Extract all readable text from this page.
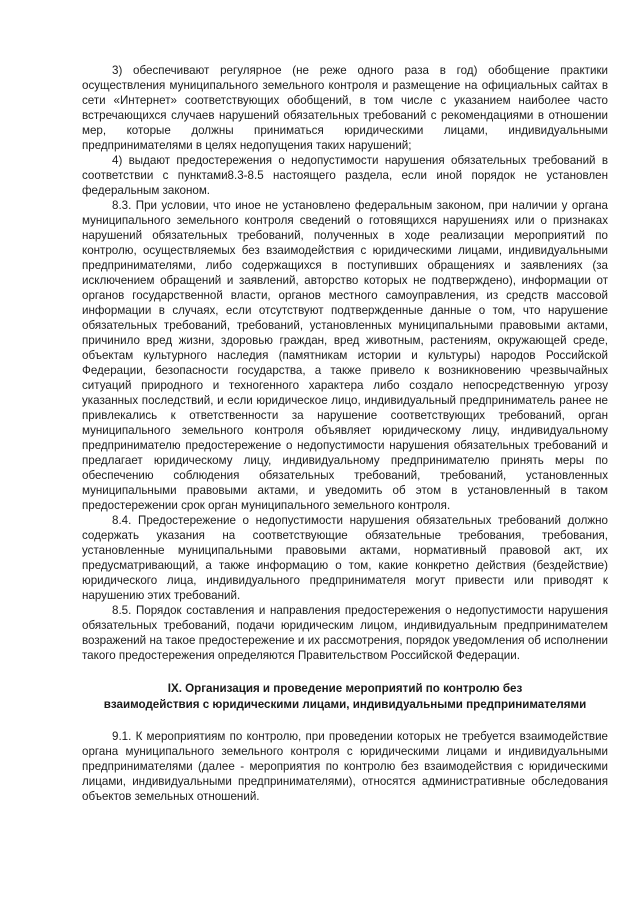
3) обеспечивают регулярное (не реже одного раза в год) обобщение практики осуществления муниципального земельного контроля и размещение на официальных сайтах в сети «Интернет» соответствующих обобщений, в том числе с указанием наиболее часто встречающихся случаев нарушений обязательных требований с рекомендациями в отношении мер, которые должны приниматься юридическими лицами, индивидуальными предпринимателями в целях недопущения таких нарушений;

4) выдают предостережения о недопустимости нарушения обязательных требований в соответствии с пунктами8.3-8.5 настоящего раздела, если иной порядок не установлен федеральным законом.

8.3. При условии, что иное не установлено федеральным законом, при наличии у органа муниципального земельного контроля сведений о готовящихся нарушениях или о признаках нарушений обязательных требований, полученных в ходе реализации мероприятий по контролю, осуществляемых без взаимодействия с юридическими лицами, индивидуальными предпринимателями, либо содержащихся в поступивших обращениях и заявлениях (за исключением обращений и заявлений, авторство которых не подтверждено), информации от органов государственной власти, органов местного самоуправления, из средств массовой информации в случаях, если отсутствуют подтвержденные данные о том, что нарушение обязательных требований, требований, установленных муниципальными правовыми актами, причинило вред жизни, здоровью граждан, вред животным, растениям, окружающей среде, объектам культурного наследия (памятникам истории и культуры) народов Российской Федерации, безопасности государства, а также привело к возникновению чрезвычайных ситуаций природного и техногенного характера либо создало непосредственную угрозу указанных последствий, и если юридическое лицо, индивидуальный предприниматель ранее не привлекались к ответственности за нарушение соответствующих требований, орган муниципального земельного контроля объявляет юридическому лицу, индивидуальному предпринимателю предостережение о недопустимости нарушения обязательных требований и предлагает юридическому лицу, индивидуальному предпринимателю принять меры по обеспечению соблюдения обязательных требований, требований, установленных муниципальными правовыми актами, и уведомить об этом в установленный в таком предостережении срок орган муниципального земельного контроля.

8.4. Предостережение о недопустимости нарушения обязательных требований должно содержать указания на соответствующие обязательные требования, требования, установленные муниципальными правовыми актами, нормативный правовой акт, их предусматривающий, а также информацию о том, какие конкретно действия (бездействие) юридического лица, индивидуального предпринимателя могут привести или приводят к нарушению этих требований.

8.5. Порядок составления и направления предостережения о недопустимости нарушения обязательных требований, подачи юридическим лицом, индивидуальным предпринимателем возражений на такое предостережение и их рассмотрения, порядок уведомления об исполнении такого предостережения определяются Правительством Российской Федерации.

IX. Организация и проведение мероприятий по контролю без
взаимодействия с юридическими лицами, индивидуальными предпринимателями

9.1. К мероприятиям по контролю, при проведении которых не требуется взаимодействие органа муниципального земельного контроля с юридическими лицами и индивидуальными предпринимателями (далее - мероприятия по контролю без взаимодействия с юридическими лицами, индивидуальными предпринимателями), относятся административные обследования объектов земельных отношений.
